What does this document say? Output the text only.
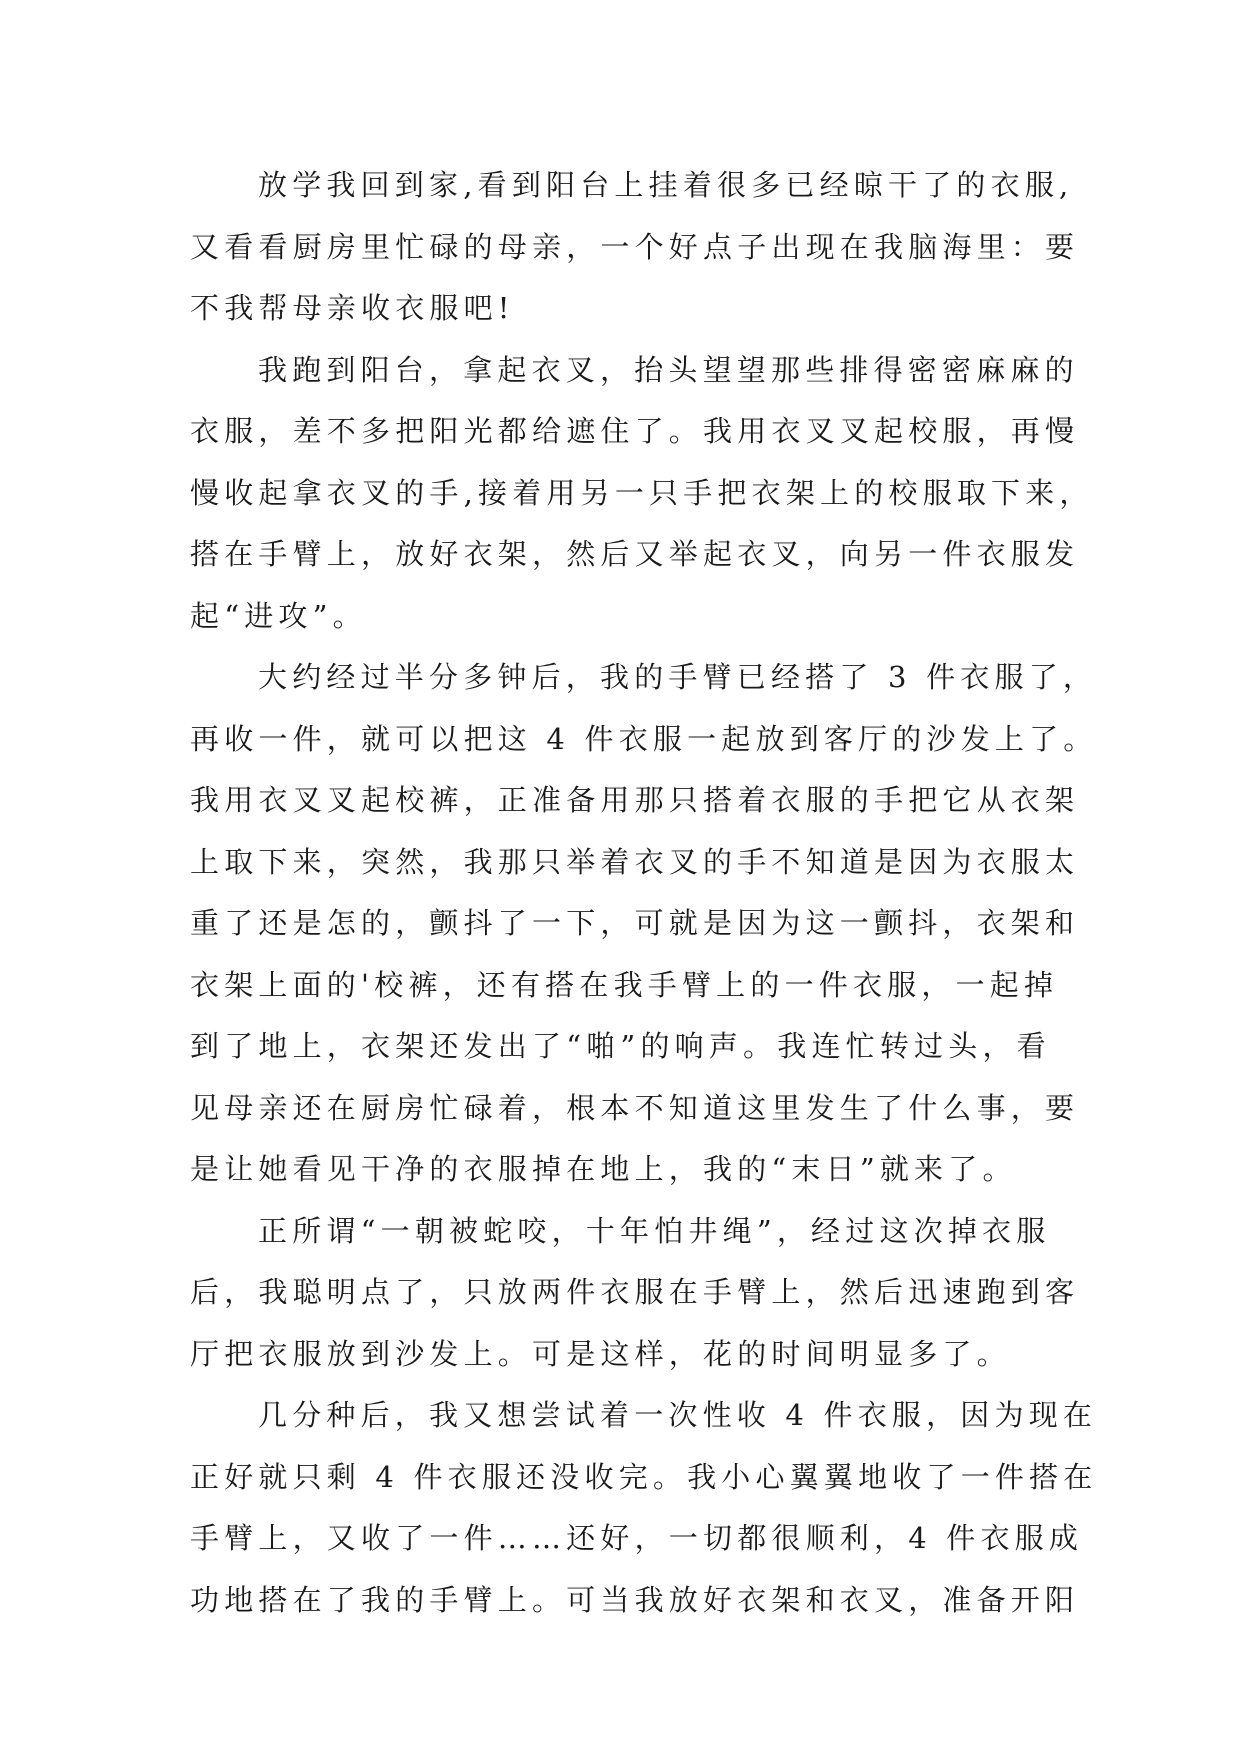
放学我回到家,看到阳台上挂着很多已经晾干了的衣服,
又看看厨房里忙碌的母亲，一个好点子出现在我脑海里：要
不我帮母亲收衣服吧!
我跑到阳台，拿起衣叉，抬头望望那些排得密密麻麻的
衣服，差不多把阳光都给遮住了。我用衣叉叉起校服，再慢
慢收起拿衣叉的手,接着用另一只手把衣架上的校服取下来，
搭在手臂上，放好衣架，然后又举起衣叉，向另一件衣服发
起“进攻”。
大约经过半分多钟后，我的手臂已经搭了 3 件衣服了，
再收一件，就可以把这 4 件衣服一起放到客厅的沙发上了。
我用衣叉叉起校裤，正准备用那只搭着衣服的手把它从衣架
上取下来，突然，我那只举着衣叉的手不知道是因为衣服太
重了还是怎的，颤抖了一下，可就是因为这一颤抖，衣架和
衣架上面的'校裤，还有搭在我手臂上的一件衣服，一起掉
到了地上，衣架还发出了“啪”的响声。我连忙转过头，看
见母亲还在厨房忙碌着，根本不知道这里发生了什么事，要
是让她看见干净的衣服掉在地上，我的“末日”就来了。
正所谓“一朝被蛇咬，十年怕井绳”，经过这次掉衣服
后，我聪明点了，只放两件衣服在手臂上，然后迅速跑到客
厅把衣服放到沙发上。可是这样，花的时间明显多了。
几分种后，我又想尝试着一次性收 4 件衣服，因为现在
正好就只剩 4 件衣服还没收完。我小心翼翼地收了一件搭在
手臂上，又收了一件……还好，一切都很顺利，4 件衣服成
功地搭在了我的手臂上。可当我放好衣架和衣叉，准备开阳
